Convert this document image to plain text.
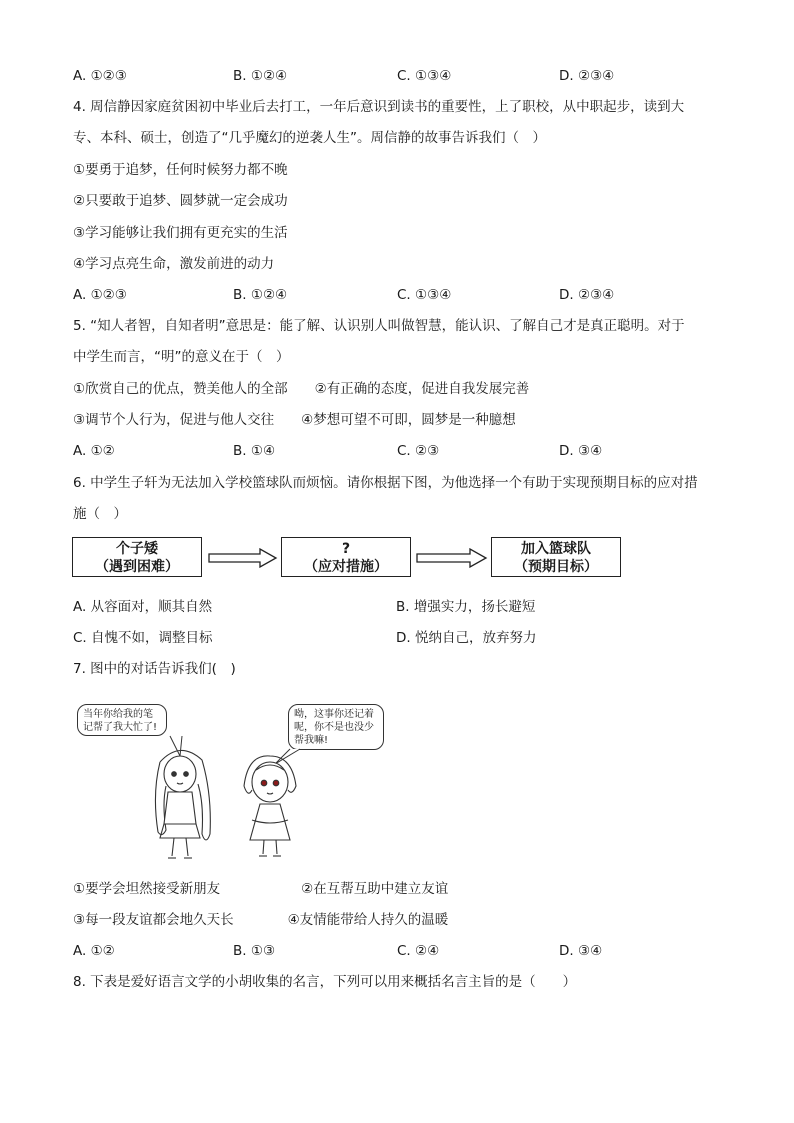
A. ①②③	B. ①②④	C. ①③④	D. ②③④
4. 周信静因家庭贫困初中毕业后去打工，一年后意识到读书的重要性，上了职校，从中职起步，读到大
专、本科、硕士，创造了“几乎魔幻的逆袭人生”。周信静的故事告诉我们（　）
①要勇于追梦，任何时候努力都不晚
②只要敢于追梦、圆梦就一定会成功
③学习能够让我们拥有更充实的生活
④学习点亮生命，激发前进的动力
A. ①②③	B. ①②④	C. ①③④	D. ②③④
5. “知人者智，自知者明”意思是：能了解、认识别人叫做智慧，能认识、了解自己才是真正聪明。对于
中学生而言，“明”的意义在于（　）
①欣赏自己的优点，赞美他人的全部　　②有正确的态度，促进自我发展完善
③调节个人行为，促进与他人交往　　④梦想可望不可即，圆梦是一种臆想
A. ①②	B. ①④	C. ②③	D. ③④
6. 中学生子轩为无法加入学校篮球队而烦恼。请你根据下图，为他选择一个有助于实现预期目标的应对措
施（　）
个子矮
（遇到困难）
?
（应对措施）
加入篮球队
（预期目标）
A. 从容面对，顺其自然	B. 增强实力，扬长避短
C. 自愧不如，调整目标	D. 悦纳自己，放弃努力
7. 图中的对话告诉我们(　)
当年你给我的笔记帮了我大忙了!
呦，这事你还记着呢，你不是也没少帮我嘛!
①要学会坦然接受新朋友　　　　　　②在互帮互助中建立友谊
③每一段友谊都会地久天长　　　　④友情能带给人持久的温暖
A. ①②	B. ①③	C. ②④	D. ③④
8. 下表是爱好语言文学的小胡收集的名言，下列可以用来概括名言主旨的是（　　）
